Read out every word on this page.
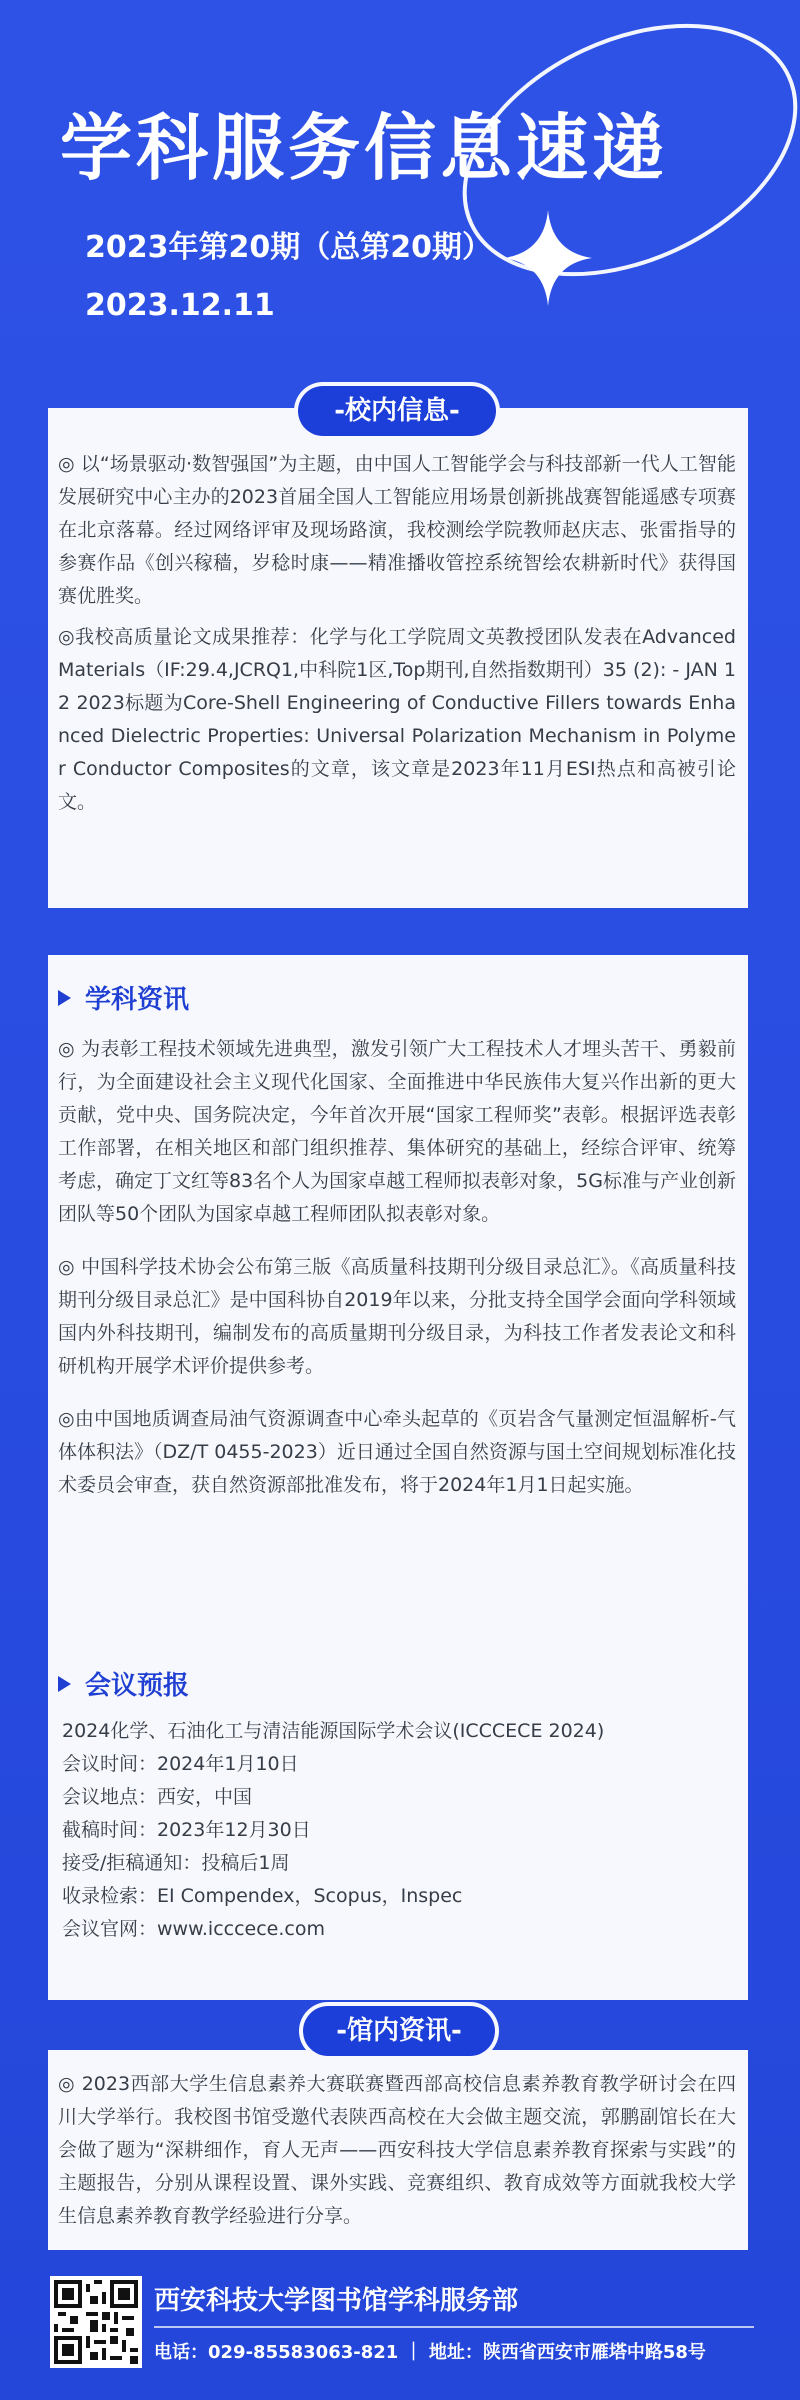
学科服务信息速递
2023年第20期（总第20期）
2023.12.11
-校内信息-

◎ 以“场景驱动·数智强国”为主题，由中国人工智能学会与科技部新一代人工智能发展研究中心主办的2023首届全国人工智能应用场景创新挑战赛智能遥感专项赛在北京落幕。经过网络评审及现场路演，我校测绘学院教师赵庆志、张雷指导的参赛作品《创兴稼穑，岁稔时康——精准播收管控系统智绘农耕新时代》获得国赛优胜奖。

◎我校高质量论文成果推荐：化学与化工学院周文英教授团队发表在Advanced Materials（IF:29.4,JCRQ1,中科院1区,Top期刊,自然指数期刊）35 (2): - JAN 12 2023标题为Core-Shell Engineering of Conductive Fillers towards Enhanced Dielectric Properties: Universal Polarization Mechanism in Polymer Conductor Composites的文章，该文章是2023年11月ESI热点和高被引论文。

学科资讯

◎ 为表彰工程技术领域先进典型，激发引领广大工程技术人才埋头苦干、勇毅前行，为全面建设社会主义现代化国家、全面推进中华民族伟大复兴作出新的更大贡献，党中央、国务院决定，今年首次开展“国家工程师奖”表彰。根据评选表彰工作部署，在相关地区和部门组织推荐、集体研究的基础上，经综合评审、统筹考虑，确定丁文红等83名个人为国家卓越工程师拟表彰对象，5G标准与产业创新团队等50个团队为国家卓越工程师团队拟表彰对象。

◎ 中国科学技术协会公布第三版《高质量科技期刊分级目录总汇》。《高质量科技期刊分级目录总汇》是中国科协自2019年以来，分批支持全国学会面向学科领域国内外科技期刊，编制发布的高质量期刊分级目录，为科技工作者发表论文和科研机构开展学术评价提供参考。

◎由中国地质调查局油气资源调查中心牵头起草的《页岩含气量测定恒温解析-气体体积法》（DZ/T 0455-2023）近日通过全国自然资源与国土空间规划标准化技术委员会审查，获自然资源部批准发布，将于2024年1月1日起实施。

会议预报

2024化学、石油化工与清洁能源国际学术会议(ICCCECE 2024)

会议时间：2024年1月10日

会议地点：西安，中国

截稿时间：2023年12月30日

接受/拒稿通知：投稿后1周

收录检索：EI Compendex，Scopus，Inspec

会议官网：www.icccece.com

-馆内资讯-

◎ 2023西部大学生信息素养大赛联赛暨西部高校信息素养教育教学研讨会在四川大学举行。我校图书馆受邀代表陕西高校在大会做主题交流，郭鹏副馆长在大会做了题为“深耕细作，育人无声——西安科技大学信息素养教育探索与实践”的主题报告，分别从课程设置、课外实践、竞赛组织、教育成效等方面就我校大学生信息素养教育教学经验进行分享。

西安科技大学图书馆学科服务部
电话：029-85583063-821 ｜ 地址：陕西省西安市雁塔中路58号
